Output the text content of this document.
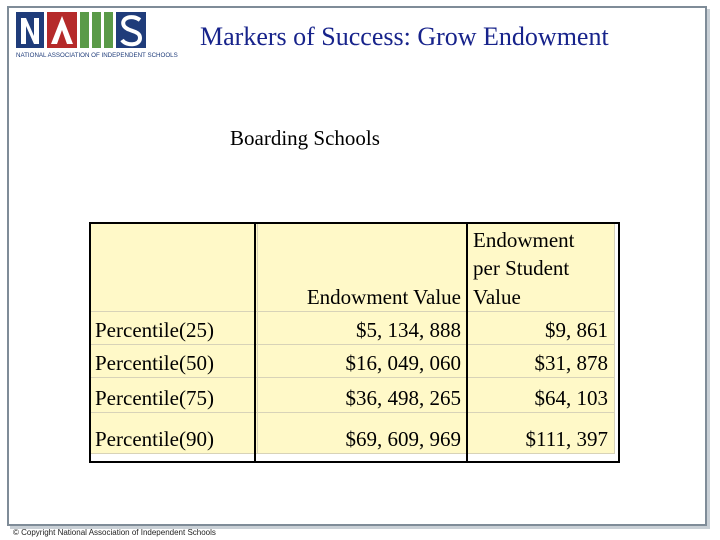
NATIONAL ASSOCIATION OF INDEPENDENT SCHOOLS
Markers of Success: Grow Endowment
Boarding Schools
	Endowment Value	Endowment
per Student
Value

Percentile(25)	$5, 134, 888	$9, 861
Percentile(50)	$16, 049, 060	$31, 878
Percentile(75)	$36, 498, 265	$64, 103
Percentile(90)	$69, 609, 969	$111, 397
© Copyright National Association of Independent Schools
